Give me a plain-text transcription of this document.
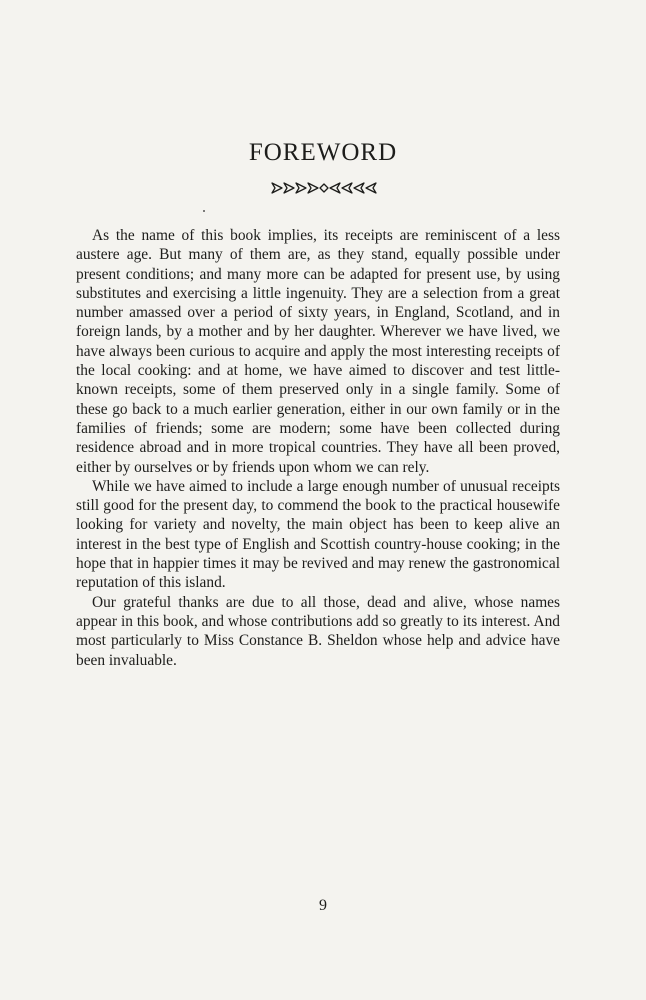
FOREWORD

As the name of this book implies, its receipts are reminiscent of a less austere age. But many of them are, as they stand, equally possible under present conditions; and many more can be adapted for present use, by using substitutes and exercising a little ingenuity. They are a selection from a great number amassed over a period of sixty years, in England, Scotland, and in foreign lands, by a mother and by her daughter. Wherever we have lived, we have always been curious to acquire and apply the most interesting receipts of the local cooking: and at home, we have aimed to discover and test little-known receipts, some of them preserved only in a single family. Some of these go back to a much earlier generation, either in our own family or in the families of friends; some are modern; some have been collected during residence abroad and in more tropical countries. They have all been proved, either by ourselves or by friends upon whom we can rely.

While we have aimed to include a large enough number of unusual receipts still good for the present day, to commend the book to the practical housewife looking for variety and novelty, the main object has been to keep alive an interest in the best type of English and Scottish country-house cooking; in the hope that in happier times it may be revived and may renew the gastronomical reputation of this island.

Our grateful thanks are due to all those, dead and alive, whose names appear in this book, and whose contributions add so greatly to its interest. And most particularly to Miss Constance B. Sheldon whose help and advice have been invaluable.

9
